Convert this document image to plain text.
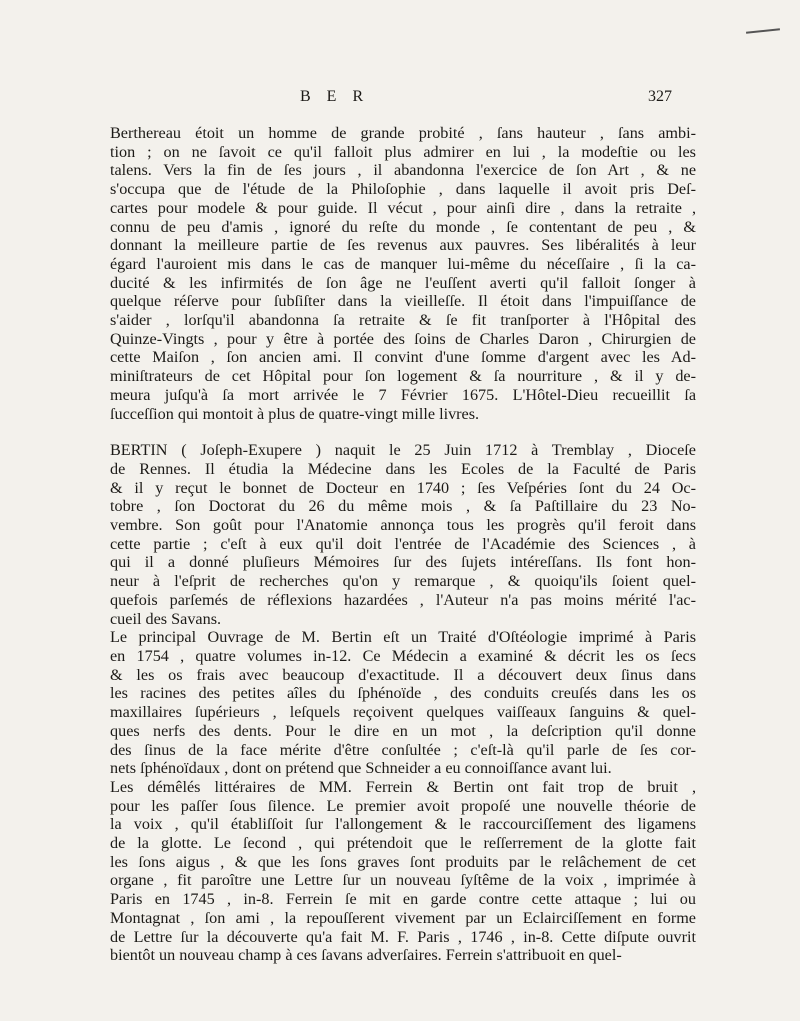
B E R	327
Berthereau étoit un homme de grande probité , ſans hauteur , ſans ambi-
tion ; on ne ſavoit ce qu'il falloit plus admirer en lui , la modeſtie ou les
talens. Vers la fin de ſes jours , il abandonna l'exercice de ſon Art , & ne
s'occupa que de l'étude de la Philoſophie , dans laquelle il avoit pris Deſ-
cartes pour modele & pour guide. Il vécut , pour ainſi dire , dans la retraite ,
connu de peu d'amis , ignoré du reſte du monde , ſe contentant de peu , &
donnant la meilleure partie de ſes revenus aux pauvres. Ses libéralités à leur
égard l'auroient mis dans le cas de manquer lui-même du néceſſaire , ſi la ca-
ducité & les infirmités de ſon âge ne l'euſſent averti qu'il falloit ſonger à
quelque réſerve pour ſubſiſter dans la vieilleſſe. Il étoit dans l'impuiſſance de
s'aider , lorſqu'il abandonna ſa retraite & ſe fit tranſporter à l'Hôpital des
Quinze-Vingts , pour y être à portée des ſoins de Charles Daron , Chirurgien de
cette Maiſon , ſon ancien ami. Il convint d'une ſomme d'argent avec les Ad-
miniſtrateurs de cet Hôpital pour ſon logement & ſa nourriture , & il y de-
meura juſqu'à ſa mort arrivée le 7 Février 1675. L'Hôtel-Dieu recueillit ſa
ſucceſſion qui montoit à plus de quatre-vingt mille livres.
BERTIN ( Joſeph-Exupere ) naquit le 25 Juin 1712 à Tremblay , Dioceſe
de Rennes. Il étudia la Médecine dans les Ecoles de la Faculté de Paris
& il y reçut le bonnet de Docteur en 1740 ; ſes Veſpéries ſont du 24 Oc-
tobre , ſon Doctorat du 26 du même mois , & ſa Paſtillaire du 23 No-
vembre. Son goût pour l'Anatomie annonça tous les progrès qu'il feroit dans
cette partie ; c'eſt à eux qu'il doit l'entrée de l'Académie des Sciences , à
qui il a donné pluſieurs Mémoires ſur des ſujets intéreſſans. Ils font hon-
neur à l'eſprit de recherches qu'on y remarque , & quoiqu'ils ſoient quel-
quefois parſemés de réflexions hazardées , l'Auteur n'a pas moins mérité l'ac-
cueil des Savans.
Le principal Ouvrage de M. Bertin eſt un Traité d'Oſtéologie imprimé à Paris
en 1754 , quatre volumes in-12. Ce Médecin a examiné & décrit les os ſecs
& les os frais avec beaucoup d'exactitude. Il a découvert deux ſinus dans
les racines des petites aîles du ſphénoïde , des conduits creuſés dans les os
maxillaires ſupérieurs , leſquels reçoivent quelques vaiſſeaux ſanguins & quel-
ques nerfs des dents. Pour le dire en un mot , la deſcription qu'il donne
des ſinus de la face mérite d'être conſultée ; c'eſt-là qu'il parle de ſes cor-
nets ſphénoïdaux , dont on prétend que Schneider a eu connoiſſance avant lui.
Les démêlés littéraires de MM. Ferrein & Bertin ont fait trop de bruit ,
pour les paſſer ſous ſilence. Le premier avoit propoſé une nouvelle théorie de
la voix , qu'il établiſſoit ſur l'allongement & le raccourciſſement des ligamens
de la glotte. Le ſecond , qui prétendoit que le reſſerrement de la glotte fait
les ſons aigus , & que les ſons graves ſont produits par le relâchement de cet
organe , fit paroître une Lettre ſur un nouveau ſyſtême de la voix , imprimée à
Paris en 1745 , in-8. Ferrein ſe mit en garde contre cette attaque ; lui ou
Montagnat , ſon ami , la repouſſerent vivement par un Eclairciſſement en forme
de Lettre ſur la découverte qu'a fait M. F. Paris , 1746 , in-8. Cette diſpute ouvrit
bientôt un nouveau champ à ces ſavans adverſaires. Ferrein s'attribuoit en quel-
